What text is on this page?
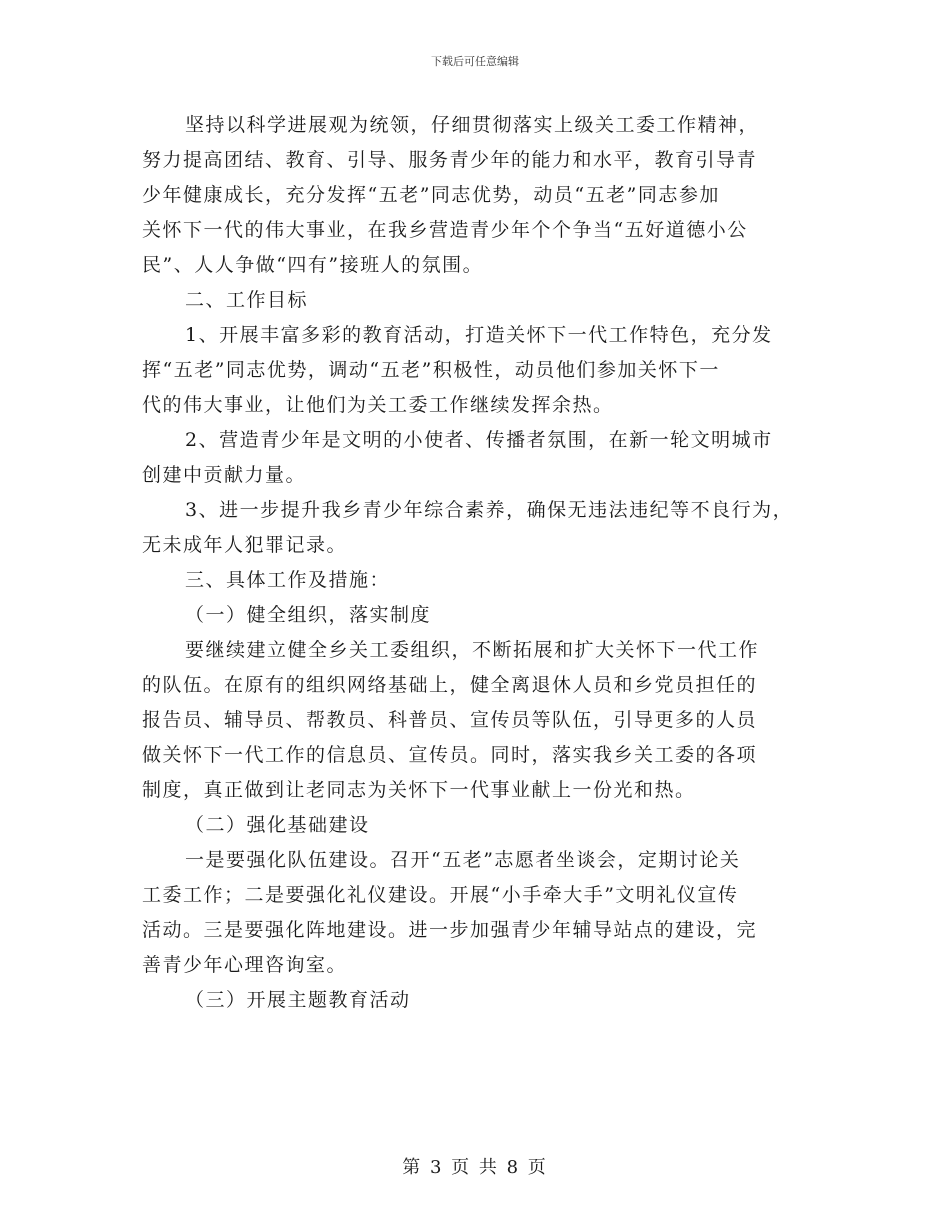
下载后可任意编辑
坚持以科学进展观为统领，仔细贯彻落实上级关工委工作精神，
努力提高团结、教育、引导、服务青少年的能力和水平，教育引导青
少年健康成长，充分发挥“五老”同志优势，动员“五老”同志参加
关怀下一代的伟大事业，在我乡营造青少年个个争当“五好道德小公
民”、人人争做“四有”接班人的氛围。
二、工作目标
1、开展丰富多彩的教育活动，打造关怀下一代工作特色，充分发
挥“五老”同志优势，调动“五老”积极性，动员他们参加关怀下一
代的伟大事业，让他们为关工委工作继续发挥余热。
2、营造青少年是文明的小使者、传播者氛围，在新一轮文明城市
创建中贡献力量。
3、进一步提升我乡青少年综合素养，确保无违法违纪等不良行为，
无未成年人犯罪记录。
三、具体工作及措施：
（一）健全组织，落实制度
要继续建立健全乡关工委组织，不断拓展和扩大关怀下一代工作
的队伍。在原有的组织网络基础上，健全离退休人员和乡党员担任的
报告员、辅导员、帮教员、科普员、宣传员等队伍，引导更多的人员
做关怀下一代工作的信息员、宣传员。同时，落实我乡关工委的各项
制度，真正做到让老同志为关怀下一代事业献上一份光和热。
（二）强化基础建设
一是要强化队伍建设。召开“五老”志愿者坐谈会，定期讨论关
工委工作；二是要强化礼仪建设。开展“小手牵大手”文明礼仪宣传
活动。三是要强化阵地建设。进一步加强青少年辅导站点的建设，完
善青少年心理咨询室。
（三）开展主题教育活动
第 3 页 共 8 页
